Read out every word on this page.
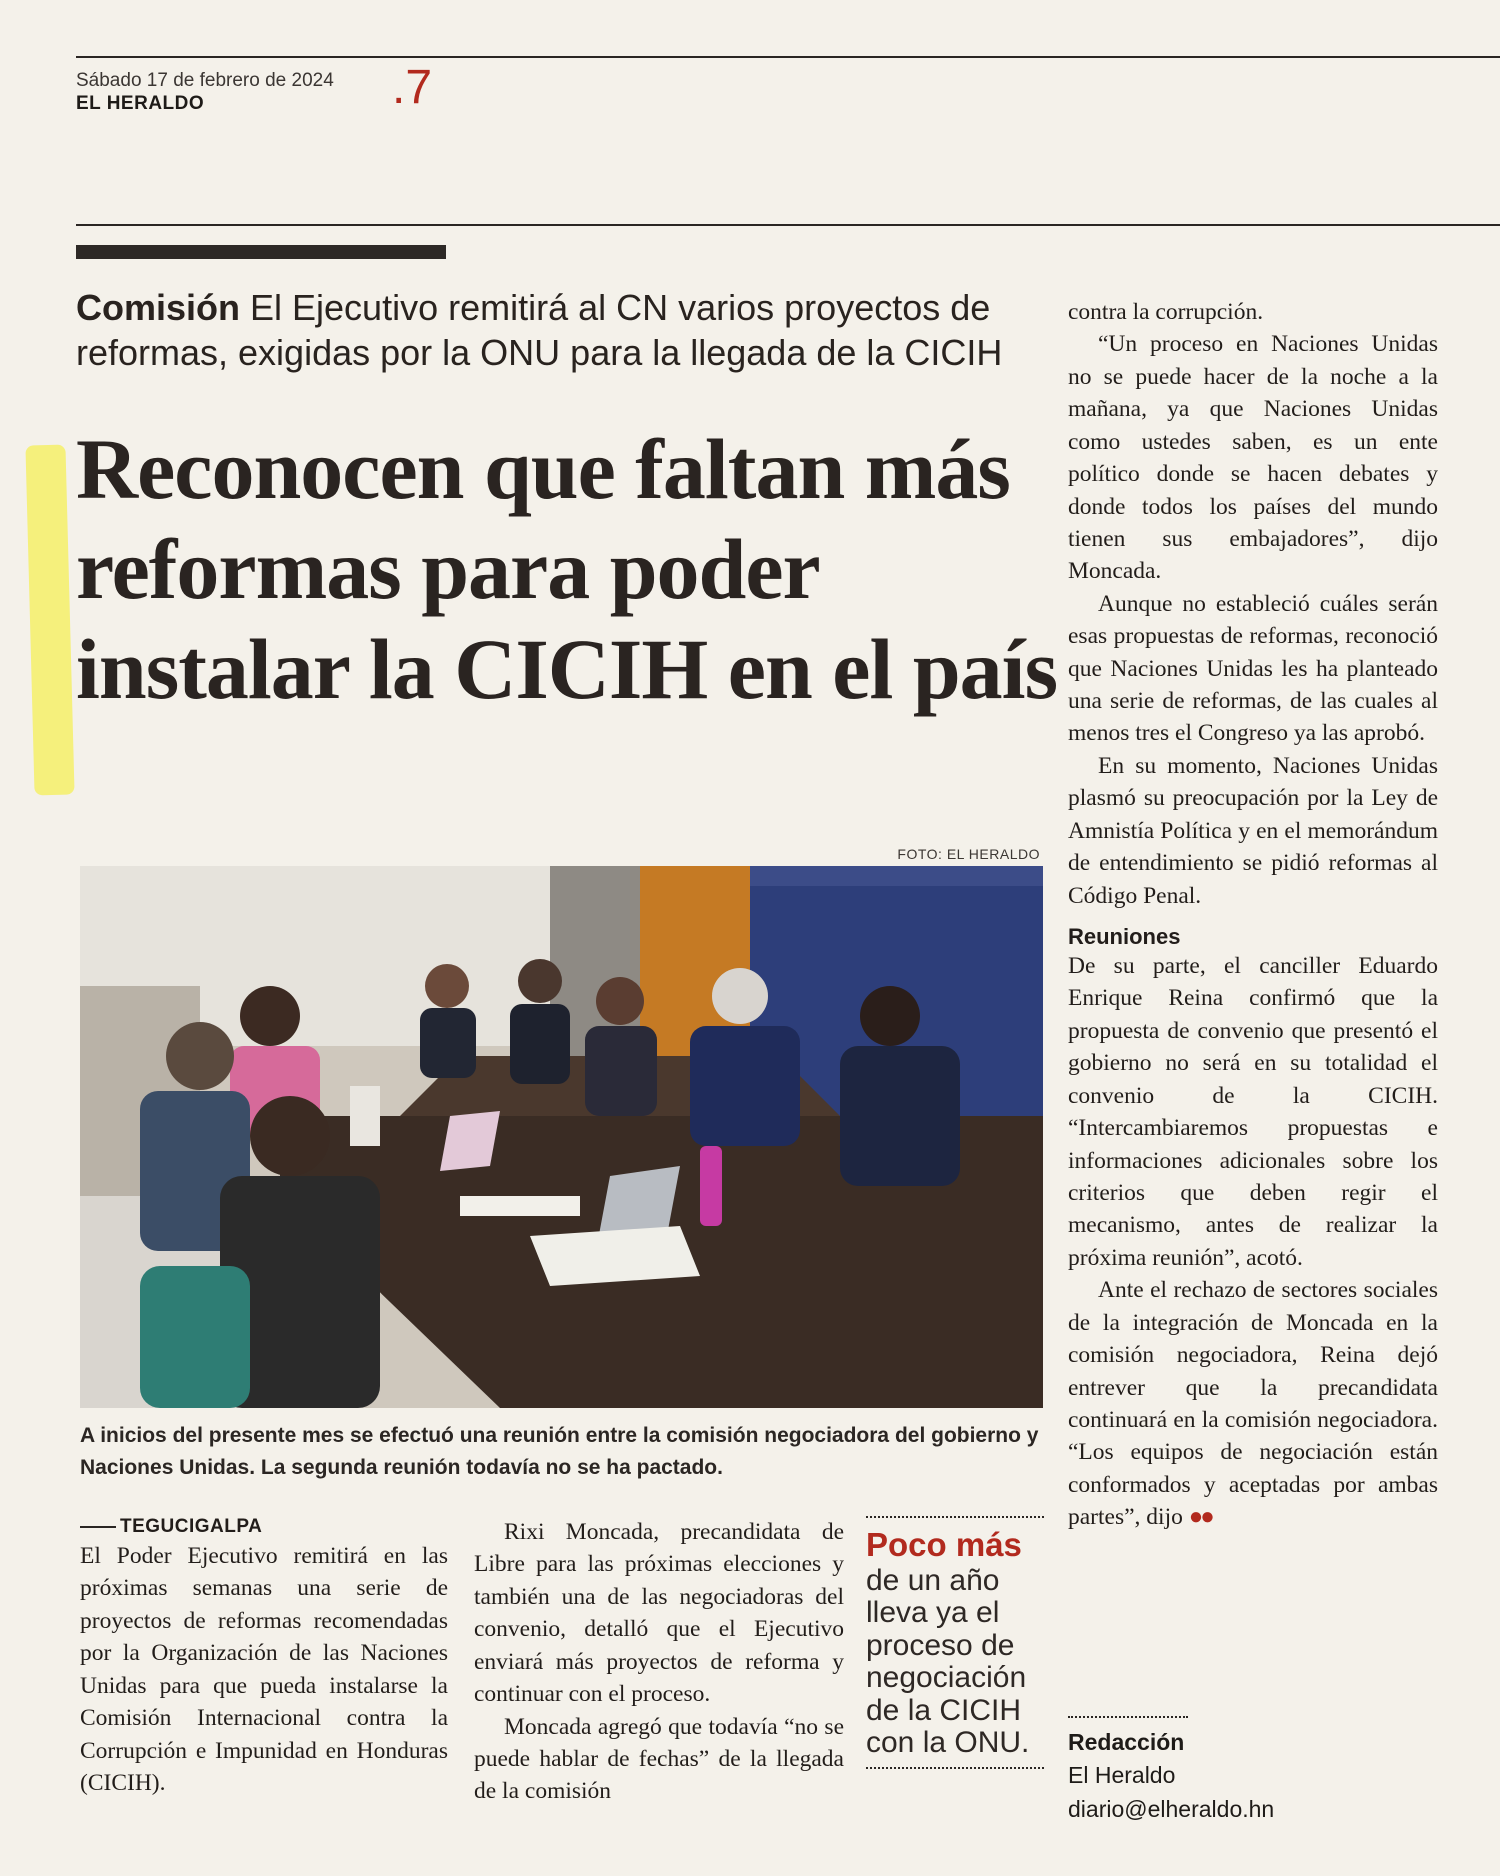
Sábado 17 de febrero de 2024
EL HERALDO	.7
Comisión El Ejecutivo remitirá al CN varios proyectos de reformas, exigidas por la ONU para la llegada de la CICIH
Reconocen que faltan más reformas para poder instalar la CICIH en el país
FOTO: EL HERALDO
A inicios del presente mes se efectuó una reunión entre la comisión negociadora del gobierno y Naciones Unidas. La segunda reunión todavía no se ha pactado.
TEGUCIGALPA

El Poder Ejecutivo remitirá en las próximas semanas una serie de proyectos de reformas recomendadas por la Organización de las Naciones Unidas para que pueda instalarse la Comisión Internacional contra la Corrupción e Impunidad en Honduras (CICIH).

Rixi Moncada, precandidata de Libre para las próximas elecciones y también una de las negociadoras del convenio, detalló que el Ejecutivo enviará más proyectos de reforma y continuar con el proceso.

Moncada agregó que todavía “no se puede hablar de fechas” de la llegada de la comisión

Poco más
de un año lleva ya el proceso de negociación de la CICIH con la ONU.

contra la corrupción.

“Un proceso en Naciones Unidas no se puede hacer de la noche a la mañana, ya que Naciones Unidas como ustedes saben, es un ente político donde se hacen debates y donde todos los países del mundo tienen sus embajadores”, dijo Moncada.

Aunque no estableció cuáles serán esas propuestas de reformas, reconoció que Naciones Unidas les ha planteado una serie de reformas, de las cuales al menos tres el Congreso ya las aprobó.

En su momento, Naciones Unidas plasmó su preocupación por la Ley de Amnistía Política y en el memorándum de entendimiento se pidió reformas al Código Penal.

Reuniones

De su parte, el canciller Eduardo Enrique Reina confirmó que la propuesta de convenio que presentó el gobierno no será en su totalidad el convenio de la CICIH. “Intercambiaremos propuestas e informaciones adicionales sobre los criterios que deben regir el mecanismo, antes de realizar la próxima reunión”, acotó.

Ante el rechazo de sectores sociales de la integración de Moncada en la comisión negociadora, Reina dejó entrever que la precandidata continuará en la comisión negociadora. “Los equipos de negociación están conformados y aceptadas por ambas partes”, dijo ●●

Redacción
El Heraldo
diario@elheraldo.hn
